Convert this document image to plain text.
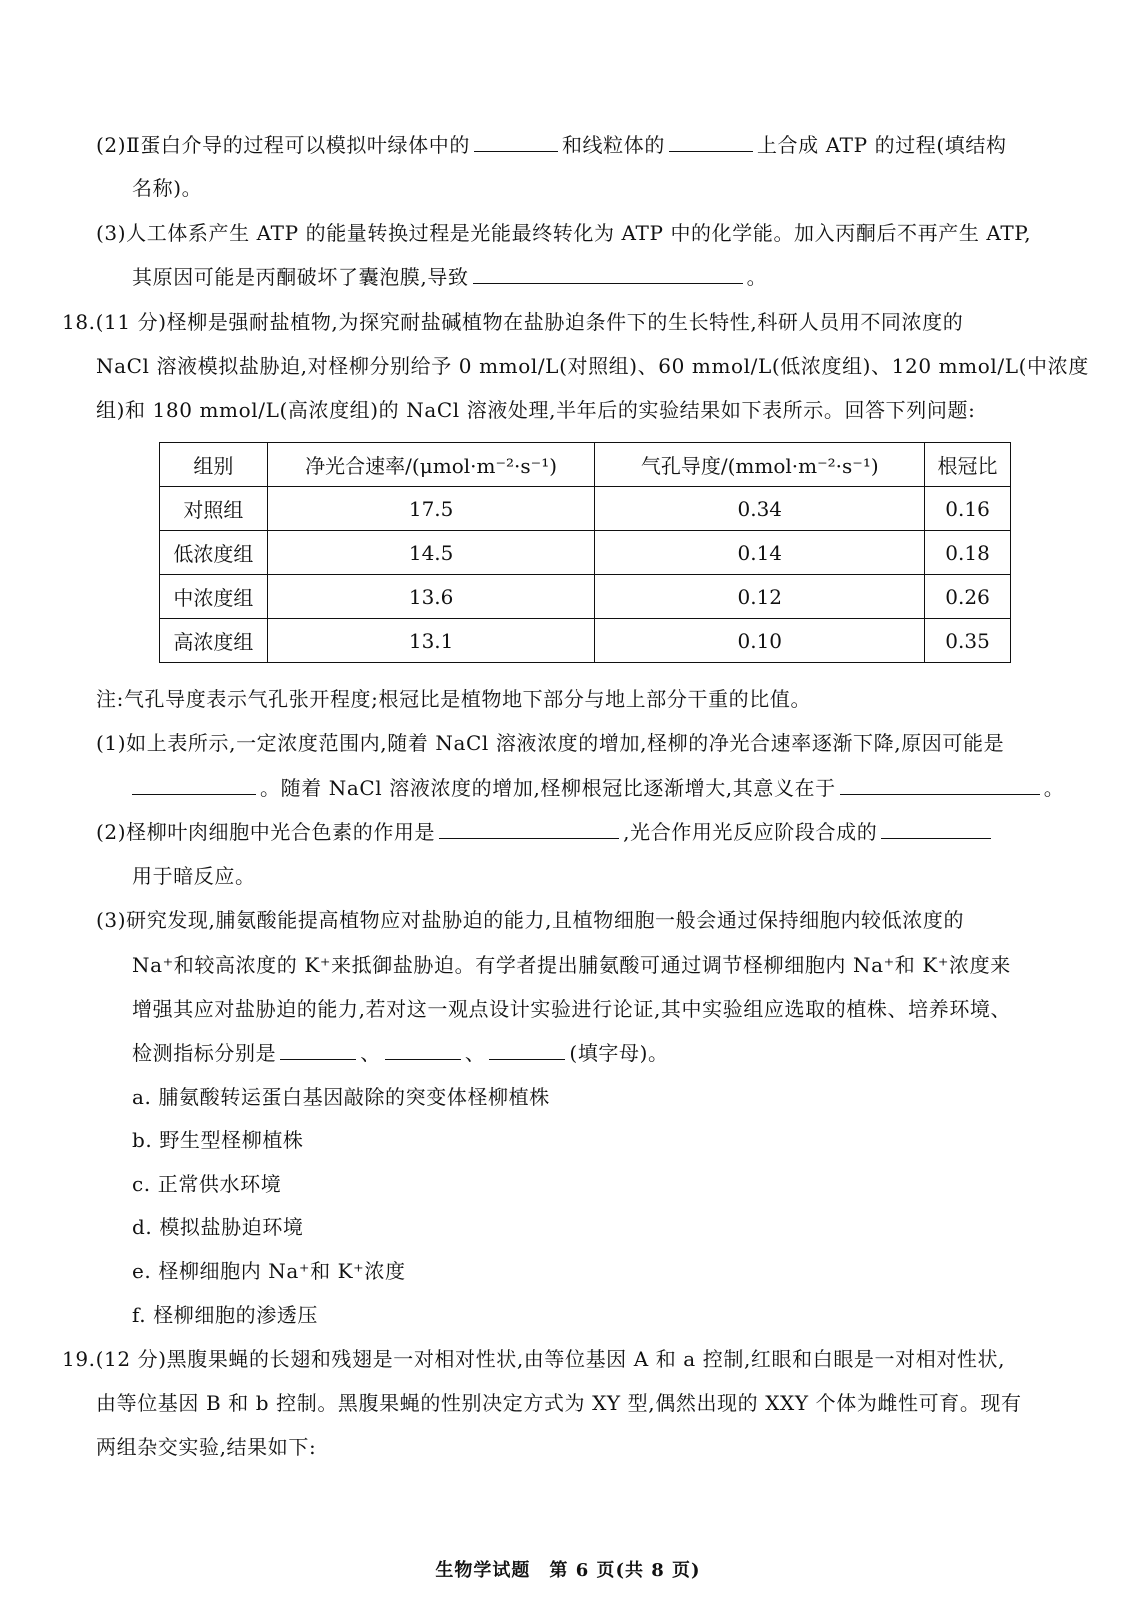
(2)Ⅱ蛋白介导的过程可以模拟叶绿体中的	和线粒体的	上合成 ATP 的过程(填结构
名称)。
(3)人工体系产生 ATP 的能量转换过程是光能最终转化为 ATP 中的化学能。加入丙酮后不再产生 ATP,
其原因可能是丙酮破坏了囊泡膜,导致	。
18.(11 分)柽柳是强耐盐植物,为探究耐盐碱植物在盐胁迫条件下的生长特性,科研人员用不同浓度的
NaCl 溶液模拟盐胁迫,对柽柳分别给予 0 mmol/L(对照组)、60 mmol/L(低浓度组)、120 mmol/L(中浓度
组)和 180 mmol/L(高浓度组)的 NaCl 溶液处理,半年后的实验结果如下表所示。回答下列问题:
组别	净光合速率/(μmol·m⁻²·s⁻¹)	气孔导度/(mmol·m⁻²·s⁻¹)	根冠比
对照组	17.5	0.34	0.16
低浓度组	14.5	0.14	0.18
中浓度组	13.6	0.12	0.26
高浓度组	13.1	0.10	0.35
注:气孔导度表示气孔张开程度;根冠比是植物地下部分与地上部分干重的比值。
(1)如上表所示,一定浓度范围内,随着 NaCl 溶液浓度的增加,柽柳的净光合速率逐渐下降,原因可能是
。随着 NaCl 溶液浓度的增加,柽柳根冠比逐渐增大,其意义在于	。
(2)柽柳叶肉细胞中光合色素的作用是	,光合作用光反应阶段合成的
用于暗反应。
(3)研究发现,脯氨酸能提高植物应对盐胁迫的能力,且植物细胞一般会通过保持细胞内较低浓度的
Na⁺和较高浓度的 K⁺来抵御盐胁迫。有学者提出脯氨酸可通过调节柽柳细胞内 Na⁺和 K⁺浓度来
增强其应对盐胁迫的能力,若对这一观点设计实验进行论证,其中实验组应选取的植株、培养环境、
检测指标分别是	、	、	(填字母)。
a. 脯氨酸转运蛋白基因敲除的突变体柽柳植株
b. 野生型柽柳植株
c. 正常供水环境
d. 模拟盐胁迫环境
e. 柽柳细胞内 Na⁺和 K⁺浓度
f. 柽柳细胞的渗透压
19.(12 分)黑腹果蝇的长翅和残翅是一对相对性状,由等位基因 A 和 a 控制,红眼和白眼是一对相对性状,
由等位基因 B 和 b 控制。黑腹果蝇的性别决定方式为 XY 型,偶然出现的 XXY 个体为雌性可育。现有
两组杂交实验,结果如下:
生物学试题　第 6 页(共 8 页)
